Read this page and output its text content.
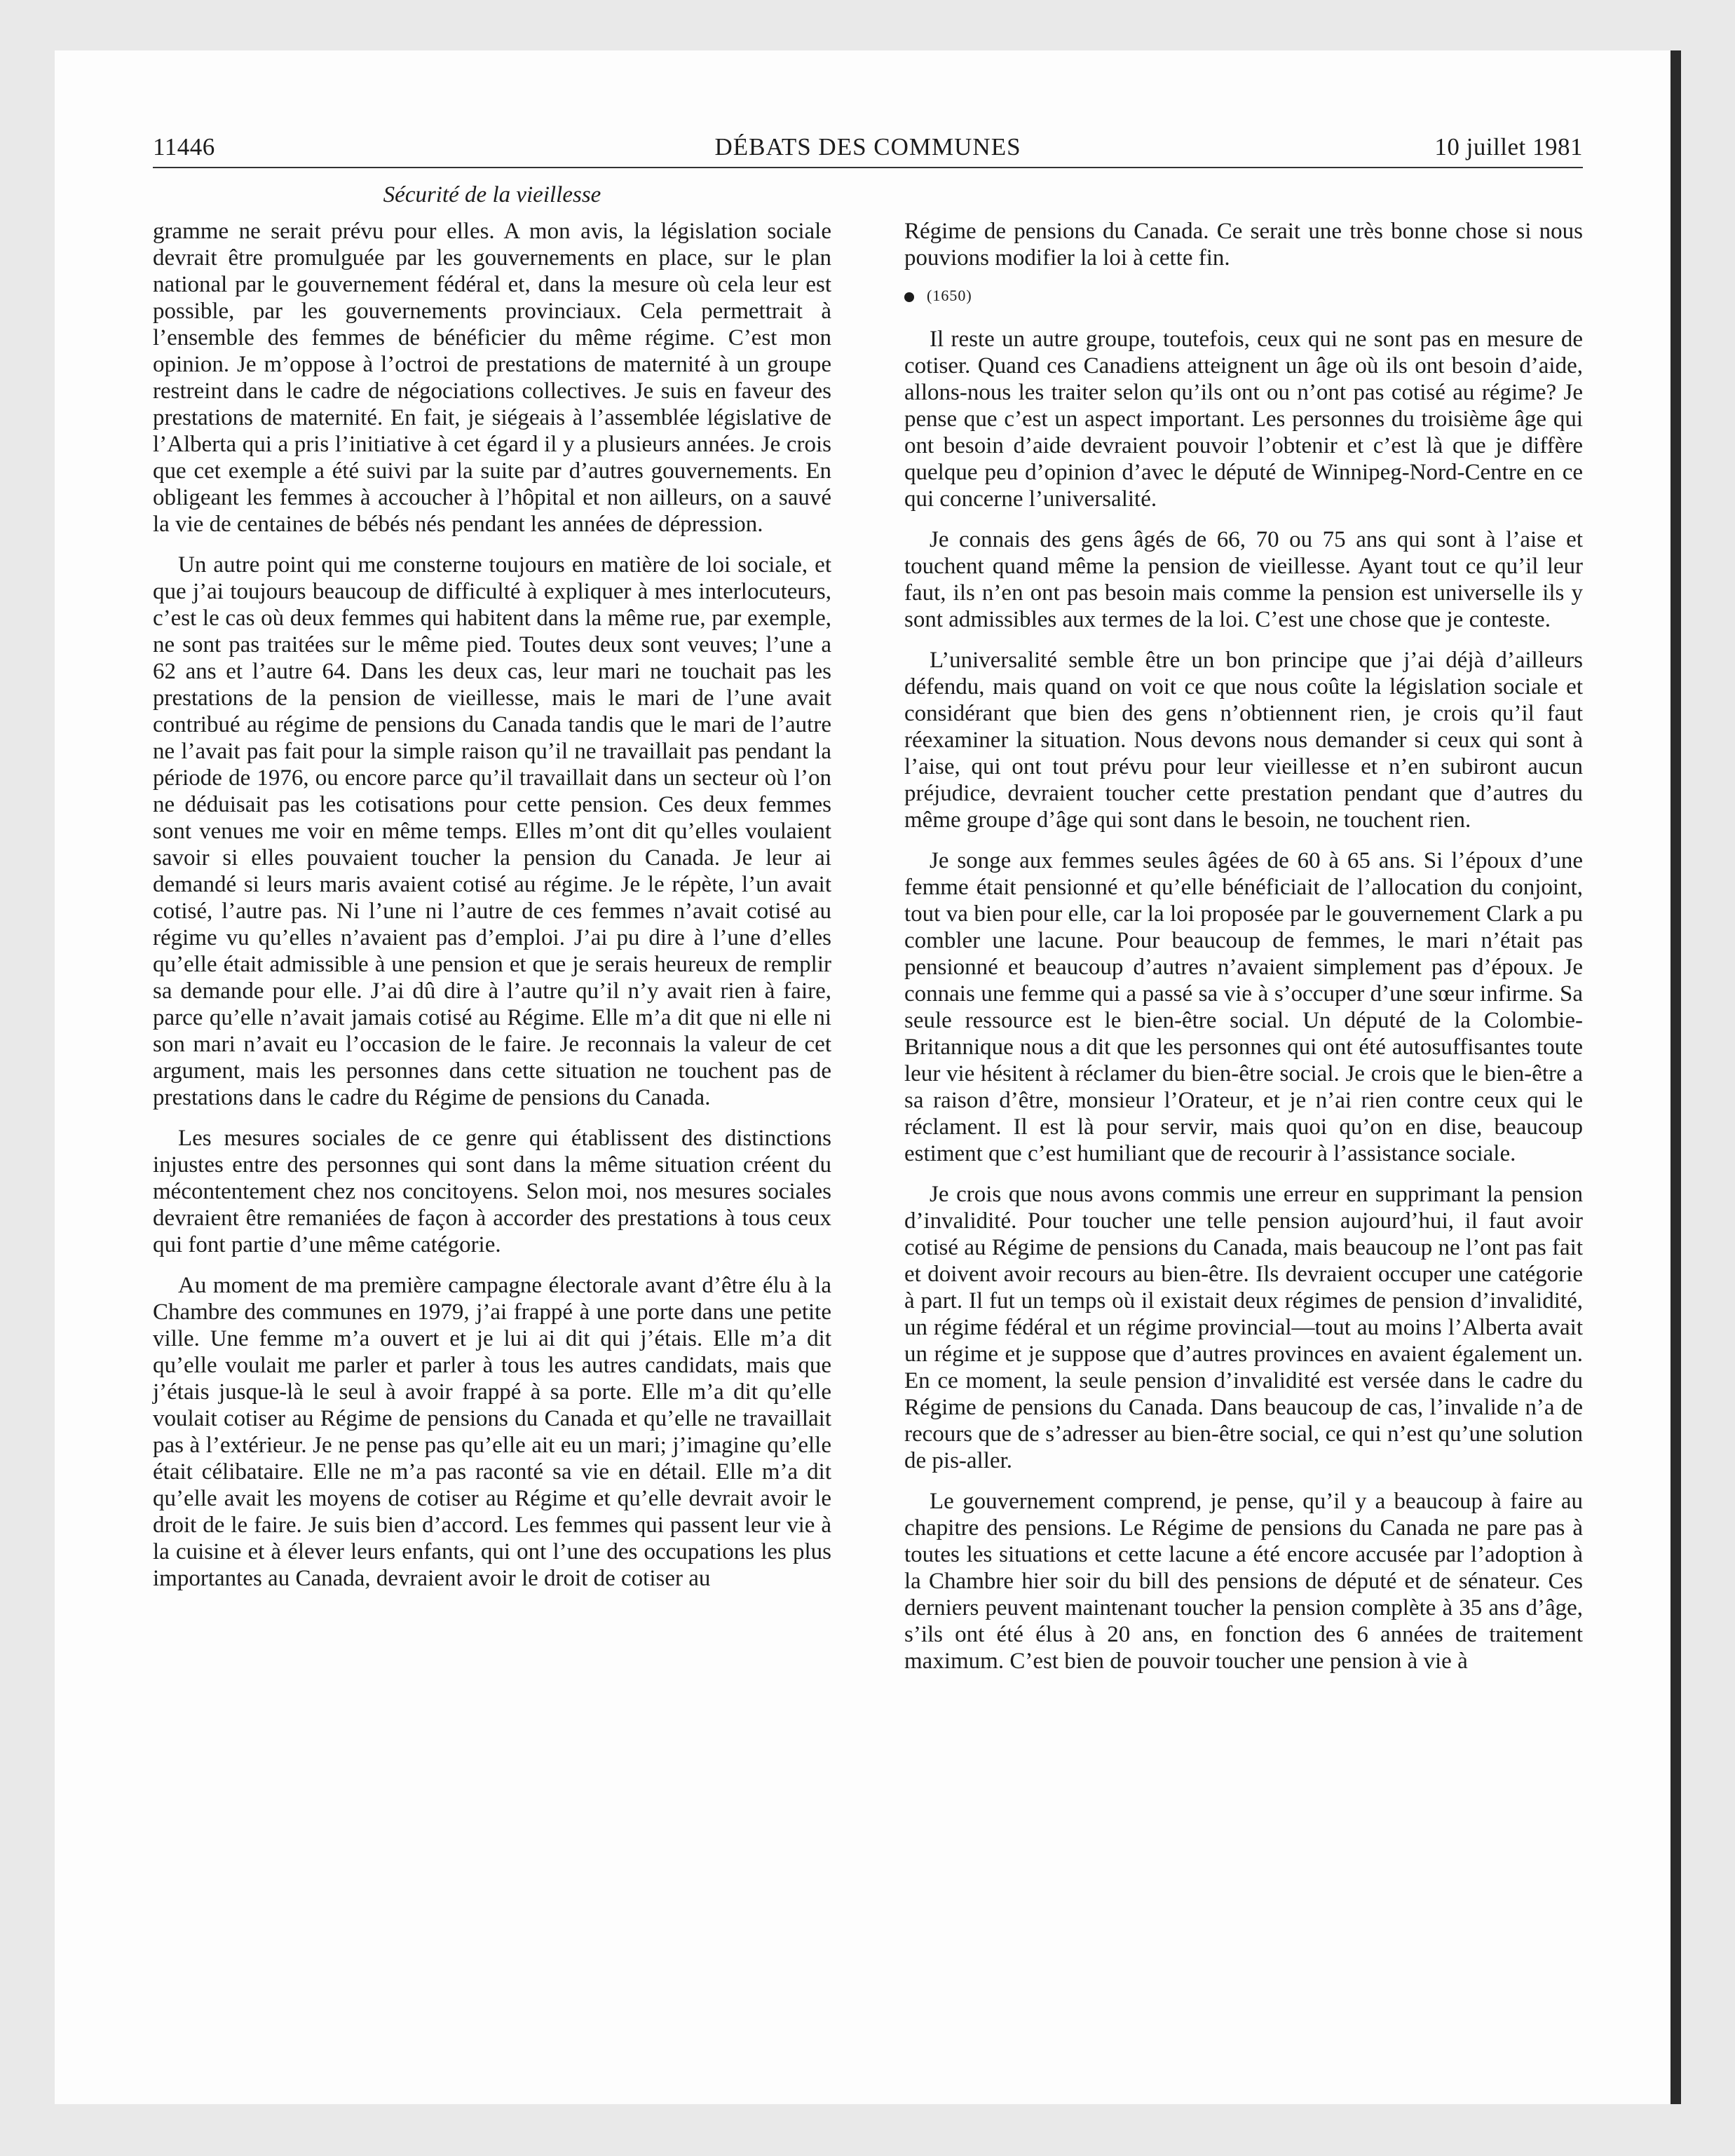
11446	DÉBATS DES COMMUNES	10 juillet 1981
Sécurité de la vieillesse

gramme ne serait prévu pour elles. A mon avis, la législation sociale devrait être promulguée par les gouvernements en place, sur le plan national par le gouvernement fédéral et, dans la mesure où cela leur est possible, par les gouvernements provinciaux. Cela permettrait à l’ensemble des femmes de bénéficier du même régime. C’est mon opinion. Je m’oppose à l’octroi de prestations de maternité à un groupe restreint dans le cadre de négociations collectives. Je suis en faveur des prestations de maternité. En fait, je siégeais à l’assemblée législative de l’Alberta qui a pris l’initiative à cet égard il y a plusieurs années. Je crois que cet exemple a été suivi par la suite par d’autres gouvernements. En obligeant les femmes à accoucher à l’hôpital et non ailleurs, on a sauvé la vie de centaines de bébés nés pendant les années de dépression.

Un autre point qui me consterne toujours en matière de loi sociale, et que j’ai toujours beaucoup de difficulté à expliquer à mes interlocuteurs, c’est le cas où deux femmes qui habitent dans la même rue, par exemple, ne sont pas traitées sur le même pied. Toutes deux sont veuves; l’une a 62 ans et l’autre 64. Dans les deux cas, leur mari ne touchait pas les prestations de la pension de vieillesse, mais le mari de l’une avait contribué au régime de pensions du Canada tandis que le mari de l’autre ne l’avait pas fait pour la simple raison qu’il ne travaillait pas pendant la période de 1976, ou encore parce qu’il travaillait dans un secteur où l’on ne déduisait pas les cotisations pour cette pension. Ces deux femmes sont venues me voir en même temps. Elles m’ont dit qu’elles voulaient savoir si elles pouvaient toucher la pension du Canada. Je leur ai demandé si leurs maris avaient cotisé au régime. Je le répète, l’un avait cotisé, l’autre pas. Ni l’une ni l’autre de ces femmes n’avait cotisé au régime vu qu’elles n’avaient pas d’emploi. J’ai pu dire à l’une d’elles qu’elle était admissible à une pension et que je serais heureux de remplir sa demande pour elle. J’ai dû dire à l’autre qu’il n’y avait rien à faire, parce qu’elle n’avait jamais cotisé au Régime. Elle m’a dit que ni elle ni son mari n’avait eu l’occasion de le faire. Je reconnais la valeur de cet argument, mais les personnes dans cette situation ne touchent pas de prestations dans le cadre du Régime de pensions du Canada.

Les mesures sociales de ce genre qui établissent des distinctions injustes entre des personnes qui sont dans la même situation créent du mécontentement chez nos concitoyens. Selon moi, nos mesures sociales devraient être remaniées de façon à accorder des prestations à tous ceux qui font partie d’une même catégorie.

Au moment de ma première campagne électorale avant d’être élu à la Chambre des communes en 1979, j’ai frappé à une porte dans une petite ville. Une femme m’a ouvert et je lui ai dit qui j’étais. Elle m’a dit qu’elle voulait me parler et parler à tous les autres candidats, mais que j’étais jusque-là le seul à avoir frappé à sa porte. Elle m’a dit qu’elle voulait cotiser au Régime de pensions du Canada et qu’elle ne travaillait pas à l’extérieur. Je ne pense pas qu’elle ait eu un mari; j’imagine qu’elle était célibataire. Elle ne m’a pas raconté sa vie en détail. Elle m’a dit qu’elle avait les moyens de cotiser au Régime et qu’elle devrait avoir le droit de le faire. Je suis bien d’accord. Les femmes qui passent leur vie à la cuisine et à élever leurs enfants, qui ont l’une des occupations les plus importantes au Canada, devraient avoir le droit de cotiser au

Régime de pensions du Canada. Ce serait une très bonne chose si nous pouvions modifier la loi à cette fin.

(1650)

Il reste un autre groupe, toutefois, ceux qui ne sont pas en mesure de cotiser. Quand ces Canadiens atteignent un âge où ils ont besoin d’aide, allons-nous les traiter selon qu’ils ont ou n’ont pas cotisé au régime? Je pense que c’est un aspect important. Les personnes du troisième âge qui ont besoin d’aide devraient pouvoir l’obtenir et c’est là que je diffère quelque peu d’opinion d’avec le député de Winnipeg-Nord-Centre en ce qui concerne l’universalité.

Je connais des gens âgés de 66, 70 ou 75 ans qui sont à l’aise et touchent quand même la pension de vieillesse. Ayant tout ce qu’il leur faut, ils n’en ont pas besoin mais comme la pension est universelle ils y sont admissibles aux termes de la loi. C’est une chose que je conteste.

L’universalité semble être un bon principe que j’ai déjà d’ailleurs défendu, mais quand on voit ce que nous coûte la législation sociale et considérant que bien des gens n’obtiennent rien, je crois qu’il faut réexaminer la situation. Nous devons nous demander si ceux qui sont à l’aise, qui ont tout prévu pour leur vieillesse et n’en subiront aucun préjudice, devraient toucher cette prestation pendant que d’autres du même groupe d’âge qui sont dans le besoin, ne touchent rien.

Je songe aux femmes seules âgées de 60 à 65 ans. Si l’époux d’une femme était pensionné et qu’elle bénéficiait de l’allocation du conjoint, tout va bien pour elle, car la loi proposée par le gouvernement Clark a pu combler une lacune. Pour beaucoup de femmes, le mari n’était pas pensionné et beaucoup d’autres n’avaient simplement pas d’époux. Je connais une femme qui a passé sa vie à s’occuper d’une sœur infirme. Sa seule ressource est le bien-être social. Un député de la Colombie-Britannique nous a dit que les personnes qui ont été autosuffisantes toute leur vie hésitent à réclamer du bien-être social. Je crois que le bien-être a sa raison d’être, monsieur l’Orateur, et je n’ai rien contre ceux qui le réclament. Il est là pour servir, mais quoi qu’on en dise, beaucoup estiment que c’est humiliant que de recourir à l’assistance sociale.

Je crois que nous avons commis une erreur en supprimant la pension d’invalidité. Pour toucher une telle pension aujourd’hui, il faut avoir cotisé au Régime de pensions du Canada, mais beaucoup ne l’ont pas fait et doivent avoir recours au bien-être. Ils devraient occuper une catégorie à part. Il fut un temps où il existait deux régimes de pension d’invalidité, un régime fédéral et un régime provincial—tout au moins l’Alberta avait un régime et je suppose que d’autres provinces en avaient également un. En ce moment, la seule pension d’invalidité est versée dans le cadre du Régime de pensions du Canada. Dans beaucoup de cas, l’invalide n’a de recours que de s’adresser au bien-être social, ce qui n’est qu’une solution de pis-aller.

Le gouvernement comprend, je pense, qu’il y a beaucoup à faire au chapitre des pensions. Le Régime de pensions du Canada ne pare pas à toutes les situations et cette lacune a été encore accusée par l’adoption à la Chambre hier soir du bill des pensions de député et de sénateur. Ces derniers peuvent maintenant toucher la pension complète à 35 ans d’âge, s’ils ont été élus à 20 ans, en fonction des 6 années de traitement maximum. C’est bien de pouvoir toucher une pension à vie à
